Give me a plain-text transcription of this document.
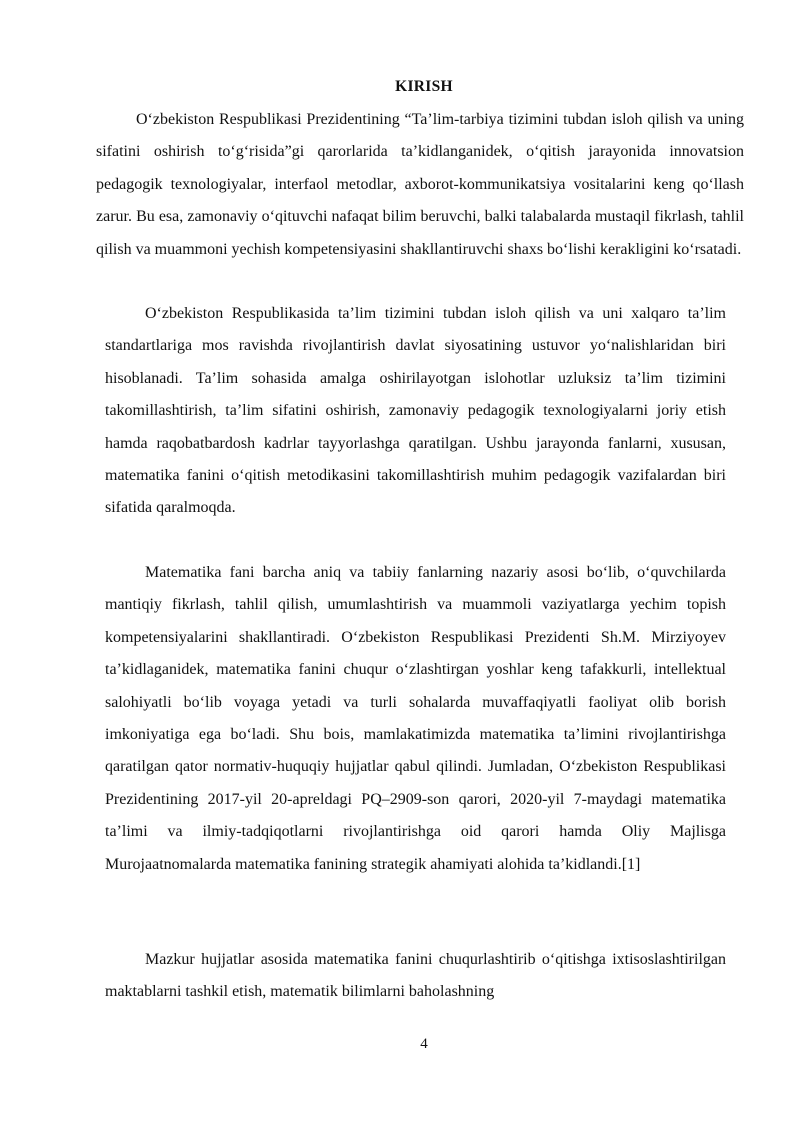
KIRISH

O‘zbekiston Respublikasi Prezidentining “Ta’lim-tarbiya tizimini tubdan isloh qilish va uning sifatini oshirish to‘g‘risida”gi qarorlarida ta’kidlanganidek, o‘qitish jarayonida innovatsion pedagogik texnologiyalar, interfaol metodlar, axborot-kommunikatsiya vositalarini keng qo‘llash zarur. Bu esa, zamonaviy o‘qituvchi nafaqat bilim beruvchi, balki talabalarda mustaqil fikrlash, tahlil qilish va muammoni yechish kompetensiyasini shakllantiruvchi shaxs bo‘lishi kerakligini ko‘rsatadi.

O‘zbekiston Respublikasida ta’lim tizimini tubdan isloh qilish va uni xalqaro ta’lim standartlariga mos ravishda rivojlantirish davlat siyosatining ustuvor yo‘nalishlaridan biri hisoblanadi. Ta’lim sohasida amalga oshirilayotgan islohotlar uzluksiz ta’lim tizimini takomillashtirish, ta’lim sifatini oshirish, zamonaviy pedagogik texnologiyalarni joriy etish hamda raqobatbardosh kadrlar tayyorlashga qaratilgan. Ushbu jarayonda fanlarni, xususan, matematika fanini o‘qitish metodikasini takomillashtirish muhim pedagogik vazifalardan biri sifatida qaralmoqda.

Matematika fani barcha aniq va tabiiy fanlarning nazariy asosi bo‘lib, o‘quvchilarda mantiqiy fikrlash, tahlil qilish, umumlashtirish va muammoli vaziyatlarga yechim topish kompetensiyalarini shakllantiradi. O‘zbekiston Respublikasi Prezidenti Sh.M. Mirziyoyev ta’kidlaganidek, matematika fanini chuqur o‘zlashtirgan yoshlar keng tafakkurli, intellektual salohiyatli bo‘lib voyaga yetadi va turli sohalarda muvaffaqiyatli faoliyat olib borish imkoniyatiga ega bo‘ladi. Shu bois, mamlakatimizda matematika ta’limini rivojlantirishga qaratilgan qator normativ-huquqiy hujjatlar qabul qilindi. Jumladan, O‘zbekiston Respublikasi Prezidentining 2017-yil 20-apreldagi PQ–2909-son qarori, 2020-yil 7-maydagi matematika ta’limi va ilmiy-tadqiqotlarni rivojlantirishga oid qarori hamda Oliy Majlisga Murojaatnomalarda matematika fanining strategik ahamiyati alohida ta’kidlandi.[1]

Mazkur hujjatlar asosida matematika fanini chuqurlashtirib o‘qitishga ixtisoslashtirilgan maktablarni tashkil etish, matematik bilimlarni baholashning

4
